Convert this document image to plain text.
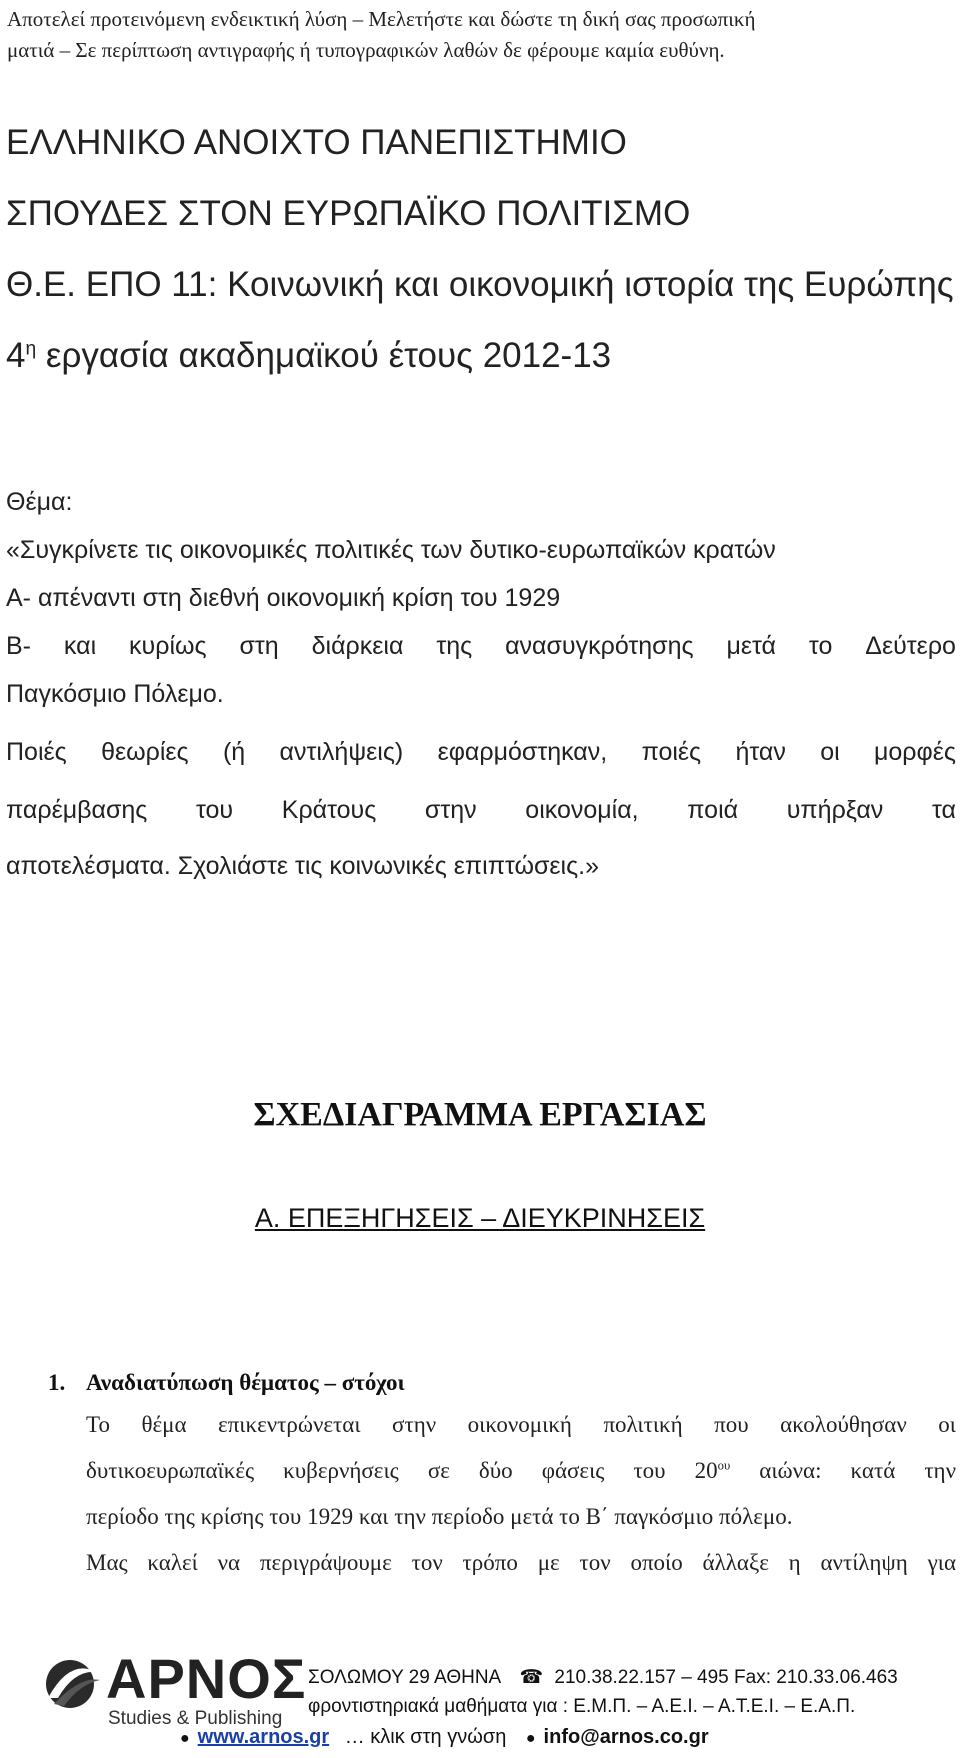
Αποτελεί προτεινόμενη ενδεικτική λύση – Μελετήστε και δώστε τη δική σας προσωπική
ματιά – Σε περίπτωση αντιγραφής ή τυπογραφικών λαθών δε φέρουμε καμία ευθύνη.
ΕΛΛΗΝΙΚΟ ΑΝΟΙΧΤΟ ΠΑΝΕΠΙΣΤΗΜΙΟ
ΣΠΟΥΔΕΣ ΣΤΟΝ ΕΥΡΩΠΑΪΚΟ ΠΟΛΙΤΙΣΜΟ
Θ.Ε. ΕΠΟ 11: Κοινωνική και οικονομική ιστορία της Ευρώπης
$4^\eta$ εργασία ακαδημαϊκού έτους 2012-13
Θέμα:
«Συγκρίνετε τις οικονομικές πολιτικές των δυτικο-ευρωπαϊκών κρατών
Α- απέναντι στη διεθνή οικονομική κρίση του 1929
Β- και κυρίως στη διάρκεια της ανασυγκρότησης μετά το Δεύτερο
Παγκόσμιο Πόλεμο.
Ποιές θεωρίες (ή αντιλήψεις) εφαρμόστηκαν, ποιές ήταν οι μορφές
παρέμβασης του Κράτους στην οικονομία, ποιά υπήρξαν τα
αποτελέσματα. Σχολιάστε τις κοινωνικές επιπτώσεις.»
ΣΧΕΔΙΑΓΡΑΜΜΑ ΕΡΓΑΣΙΑΣ
Α. ΕΠΕΞΗΓΗΣΕΙΣ – ΔΙΕΥΚΡΙΝΗΣΕΙΣ
1. Αναδιατύπωση θέματος – στόχοι
Το θέμα επικεντρώνεται στην οικονομική πολιτική που ακολούθησαν οι
δυτικοευρωπαϊκές κυβερνήσεις σε δύο φάσεις του $20^{o\upsilon}$ αιώνα: κατά την
περίοδο της κρίσης του 1929 και την περίοδο μετά το Β΄ παγκόσμιο πόλεμο.
Μας καλεί να περιγράψουμε τον τρόπο με τον οποίο άλλαξε η αντίληψη για
ΑΡΝΟΣ
Studies & Publishing
ΣΟΛΩΜΟΥ 29 ΑΘΗΝΑ ☎ 210.38.22.157 – 495 Fax: 210.33.06.463
φροντιστηριακά μαθήματα για : Ε.Μ.Π. – Α.Ε.Ι. – Α.Τ.Ε.Ι. – Ε.Α.Π.
● www.arnos.gr … κλικ στη γνώση ● info@arnos.co.gr
